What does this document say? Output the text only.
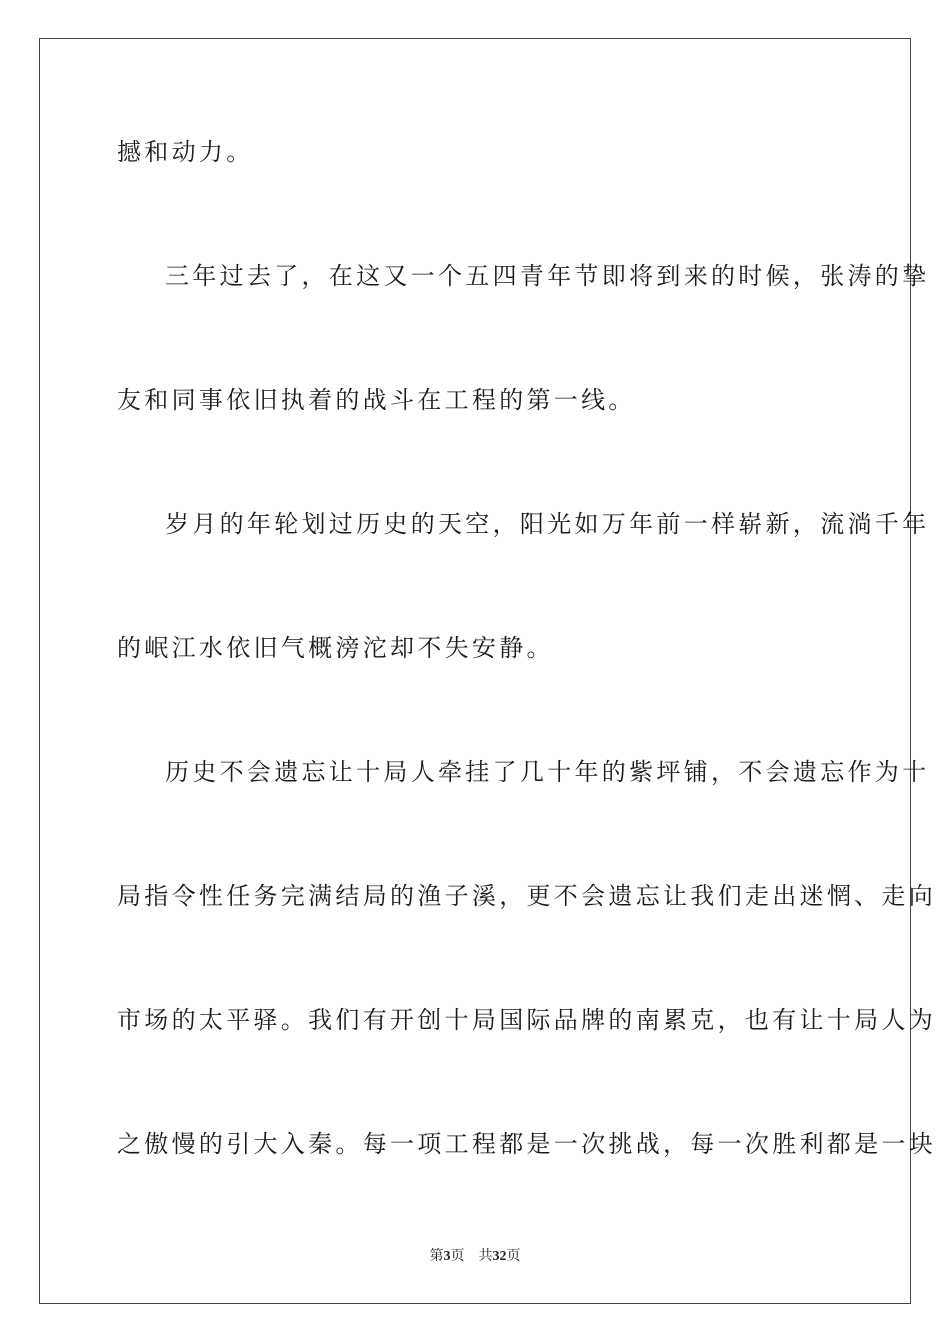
撼和动力。
三年过去了，在这又一个五四青年节即将到来的时候，张涛的挚
友和同事依旧执着的战斗在工程的第一线。
岁月的年轮划过历史的天空，阳光如万年前一样崭新，流淌千年
的岷江水依旧气概滂沱却不失安静。
历史不会遗忘让十局人牵挂了几十年的紫坪铺，不会遗忘作为十
局指令性任务完满结局的渔子溪，更不会遗忘让我们走出迷惘、走向
市场的太平驿。我们有开创十局国际品牌的南累克，也有让十局人为
之傲慢的引大入秦。每一项工程都是一次挑战，每一次胜利都是一块
第3页 共32页
